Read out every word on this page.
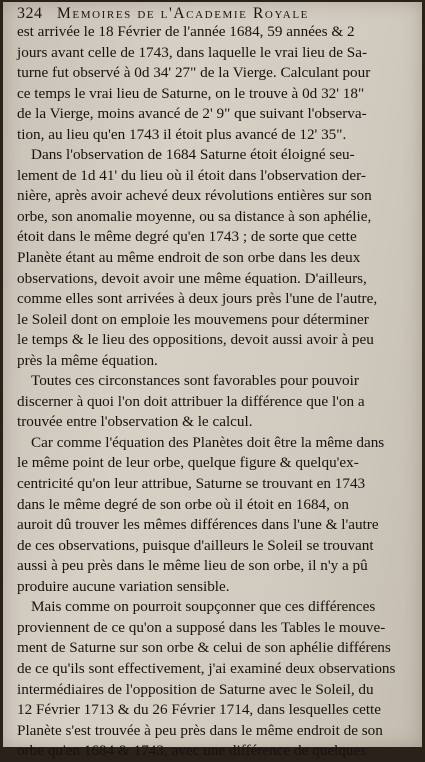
324 Memoires de l'Academie Royale

est arrivée le 18 Février de l'année 1684, 59 années & 2
jours avant celle de 1743, dans laquelle le vrai lieu de Sa-
turne fut observé à 0d 34' 27" de la Vierge. Calculant pour
ce temps le vrai lieu de Saturne, on le trouve à 0d 32' 18"
de la Vierge, moins avancé de 2' 9" que suivant l'observa-
tion, au lieu qu'en 1743 il étoit plus avancé de 12' 35".

Dans l'observation de 1684 Saturne étoit éloigné seu-
lement de 1d 41' du lieu où il étoit dans l'observation der-
nière, après avoir achevé deux révolutions entières sur son
orbe, son anomalie moyenne, ou sa distance à son aphélie,
étoit dans le même degré qu'en 1743 ; de sorte que cette
Planète étant au même endroit de son orbe dans les deux
observations, devoit avoir une même équation. D'ailleurs,
comme elles sont arrivées à deux jours près l'une de l'autre,
le Soleil dont on emploie les mouvemens pour déterminer
le temps & le lieu des oppositions, devoit aussi avoir à peu
près la même équation.

Toutes ces circonstances sont favorables pour pouvoir
discerner à quoi l'on doit attribuer la différence que l'on a
trouvée entre l'observation & le calcul.

Car comme l'équation des Planètes doit être la même dans
le même point de leur orbe, quelque figure & quelqu'ex-
centricité qu'on leur attribue, Saturne se trouvant en 1743
dans le même degré de son orbe où il étoit en 1684, on
auroit dû trouver les mêmes différences dans l'une & l'autre
de ces observations, puisque d'ailleurs le Soleil se trouvant
aussi à peu près dans le même lieu de son orbe, il n'y a pû
produire aucune variation sensible.

Mais comme on pourroit soupçonner que ces différences
proviennent de ce qu'on a supposé dans les Tables le mouve-
ment de Saturne sur son orbe & celui de son aphélie différens
de ce qu'ils sont effectivement, j'ai examiné deux observations
intermédiaires de l'opposition de Saturne avec le Soleil, du
12 Février 1713 & du 26 Février 1714, dans lesquelles cette
Planète s'est trouvée à peu près dans le même endroit de son
orbe qu'en 1684 & 1743, avec une différence de quelques
